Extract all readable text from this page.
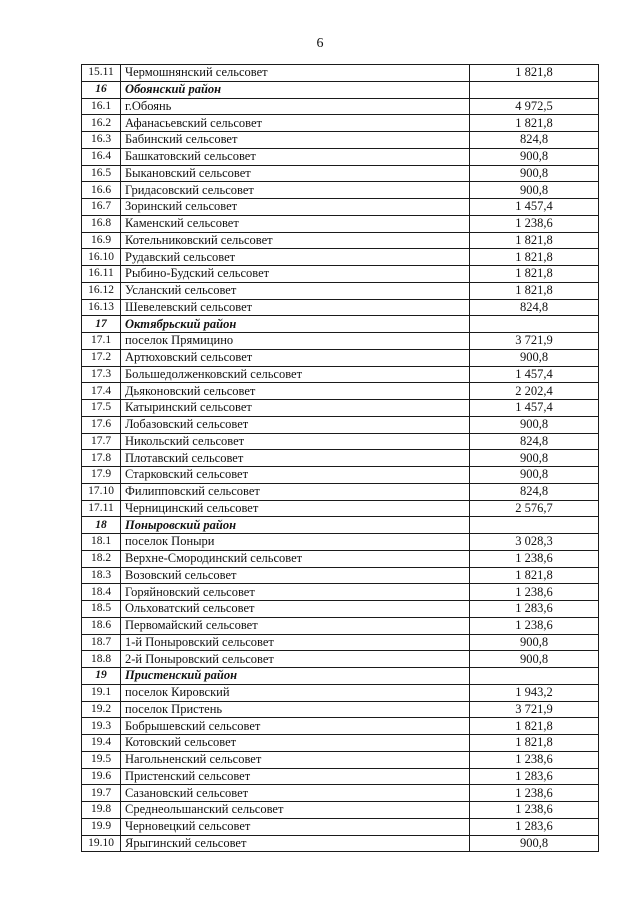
6
15.11	Чермошнянский сельсовет	1 821,8
16	Обоянский район	
16.1	г.Обоянь	4 972,5
16.2	Афанасьевский сельсовет	1 821,8
16.3	Бабинский сельсовет	824,8
16.4	Башкатовский сельсовет	900,8
16.5	Быкановский сельсовет	900,8
16.6	Гридасовский сельсовет	900,8
16.7	Зоринский сельсовет	1 457,4
16.8	Каменский сельсовет	1 238,6
16.9	Котельниковский сельсовет	1 821,8
16.10	Рудавский сельсовет	1 821,8
16.11	Рыбино-Будский сельсовет	1 821,8
16.12	Усланский сельсовет	1 821,8
16.13	Шевелевский сельсовет	824,8
17	Октябрьский район	
17.1	поселок Прямицино	3 721,9
17.2	Артюховский сельсовет	900,8
17.3	Большедолженковский сельсовет	1 457,4
17.4	Дьяконовский сельсовет	2 202,4
17.5	Катыринский сельсовет	1 457,4
17.6	Лобазовский сельсовет	900,8
17.7	Никольский сельсовет	824,8
17.8	Плотавский сельсовет	900,8
17.9	Старковский сельсовет	900,8
17.10	Филипповский сельсовет	824,8
17.11	Черницинский сельсовет	2 576,7
18	Поныровский район	
18.1	поселок Поныри	3 028,3
18.2	Верхне-Смородинский сельсовет	1 238,6
18.3	Возовский сельсовет	1 821,8
18.4	Горяйновский сельсовет	1 238,6
18.5	Ольховатский сельсовет	1 283,6
18.6	Первомайский сельсовет	1 238,6
18.7	1-й Поныровский сельсовет	900,8
18.8	2-й Поныровский сельсовет	900,8
19	Пристенский район	
19.1	поселок Кировский	1 943,2
19.2	поселок Пристень	3 721,9
19.3	Бобрышевский сельсовет	1 821,8
19.4	Котовский сельсовет	1 821,8
19.5	Нагольненский сельсовет	1 238,6
19.6	Пристенский сельсовет	1 283,6
19.7	Сазановский сельсовет	1 238,6
19.8	Среднеольшанский сельсовет	1 238,6
19.9	Черновецкий сельсовет	1 283,6
19.10	Ярыгинский сельсовет	900,8
